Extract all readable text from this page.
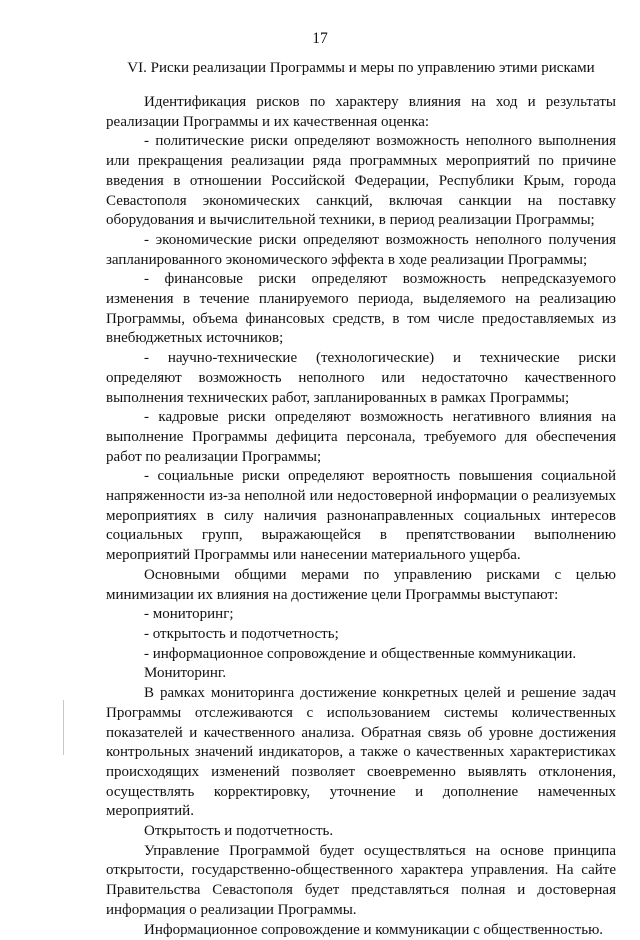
17
VI. Риски реализации Программы и меры по управлению этими рисками

Идентификация рисков по характеру влияния на ход и результаты реализации Программы и их качественная оценка:

- политические риски определяют возможность неполного выполнения или прекращения реализации ряда программных мероприятий по причине введения в отношении Российской Федерации, Республики Крым, города Севастополя экономических санкций, включая санкции на поставку оборудования и вычислительной техники, в период реализации Программы;

- экономические риски определяют возможность неполного получения запланированного экономического эффекта в ходе реализации Программы;

- финансовые риски определяют возможность непредсказуемого изменения в течение планируемого периода, выделяемого на реализацию Программы, объема финансовых средств, в том числе предоставляемых из внебюджетных источников;

- научно-технические (технологические) и технические риски определяют возможность неполного или недостаточно качественного выполнения технических работ, запланированных в рамках Программы;

- кадровые риски определяют возможность негативного влияния на выполнение Программы дефицита персонала, требуемого для обеспечения работ по реализации Программы;

- социальные риски определяют вероятность повышения социальной напряженности из-за неполной или недостоверной информации о реализуемых мероприятиях в силу наличия разнонаправленных социальных интересов социальных групп, выражающейся в препятствовании выполнению мероприятий Программы или нанесении материального ущерба.

Основными общими мерами по управлению рисками с целью минимизации их влияния на достижение цели Программы выступают:

- мониторинг;

- открытость и подотчетность;

- информационное сопровождение и общественные коммуникации.

Мониторинг.

В рамках мониторинга достижение конкретных целей и решение задач Программы отслеживаются с использованием системы количественных показателей и качественного анализа. Обратная связь об уровне достижения контрольных значений индикаторов, а также о качественных характеристиках происходящих изменений позволяет своевременно выявлять отклонения, осуществлять корректировку, уточнение и дополнение намеченных мероприятий.

Открытость и подотчетность.

Управление Программой будет осуществляться на основе принципа открытости, государственно-общественного характера управления. На сайте Правительства Севастополя будет представляться полная и достоверная информация о реализации Программы.

Информационное сопровождение и коммуникации с общественностью.
